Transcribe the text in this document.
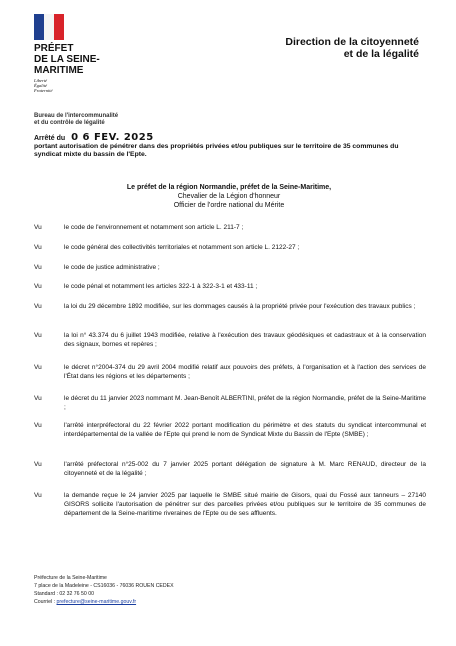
PRÉFET
DE LA SEINE-
MARITIME
Liberté
Égalité
Fraternité
Direction de la citoyenneté
et de la légalité
Bureau de l'intercommunalité
et du contrôle de légalité
Arrêté du 0 6 FEV. 2025
portant autorisation de pénétrer dans des propriétés privées et/ou publiques sur le territoire de 35 communes du syndicat mixte du bassin de l'Epte.
Le préfet de la région Normandie, préfet de la Seine-Maritime,
Chevalier de la Légion d'honneur
Officier de l'ordre national du Mérite
Vu	le code de l'environnement et notamment son article L. 211-7 ;
Vu	le code général des collectivités territoriales et notamment son article L. 2122-27 ;
Vu	le code de justice administrative ;
Vu	le code pénal et notamment les articles 322-1 à 322-3-1 et 433-11 ;
Vu	la loi du 29 décembre 1892 modifiée, sur les dommages causés à la propriété privée pour l'exécution des travaux publics ;
Vu	la loi n° 43.374 du 6 juillet 1943 modifiée, relative à l'exécution des travaux géodésiques et cadastraux et à la conservation des signaux, bornes et repères ;
Vu	le décret n°2004-374 du 29 avril 2004 modifié relatif aux pouvoirs des préfets, à l'organisation et à l'action des services de l'État dans les régions et les départements ;
Vu	le décret du 11 janvier 2023 nommant M. Jean-Benoît ALBERTINI, préfet de la région Normandie, préfet de la Seine-Maritime ;
Vu	l'arrêté interpréfectoral du 22 février 2022 portant modification du périmètre et des statuts du syndicat intercommunal et interdépartemental de la vallée de l'Epte qui prend le nom de Syndicat Mixte du Bassin de l'Epte (SMBE) ;
Vu	l'arrêté préfectoral n°25-002 du 7 janvier 2025 portant délégation de signature à M. Marc RENAUD, directeur de la citoyenneté et de la légalité ;
Vu	la demande reçue le 24 janvier 2025 par laquelle le SMBE situé mairie de Gisors, quai du Fossé aux tanneurs – 27140 GISORS sollicite l'autorisation de pénétrer sur des parcelles privées et/ou publiques sur le territoire de 35 communes de département de la Seine-maritime riveraines de l'Epte ou de ses affluents.
Préfecture de la Seine-Maritime
7 place de la Madeleine - CS16036 - 76036 ROUEN CEDEX
Standard : 02 32 76 50 00
Courriel : prefecture@seine-maritime.gouv.fr
